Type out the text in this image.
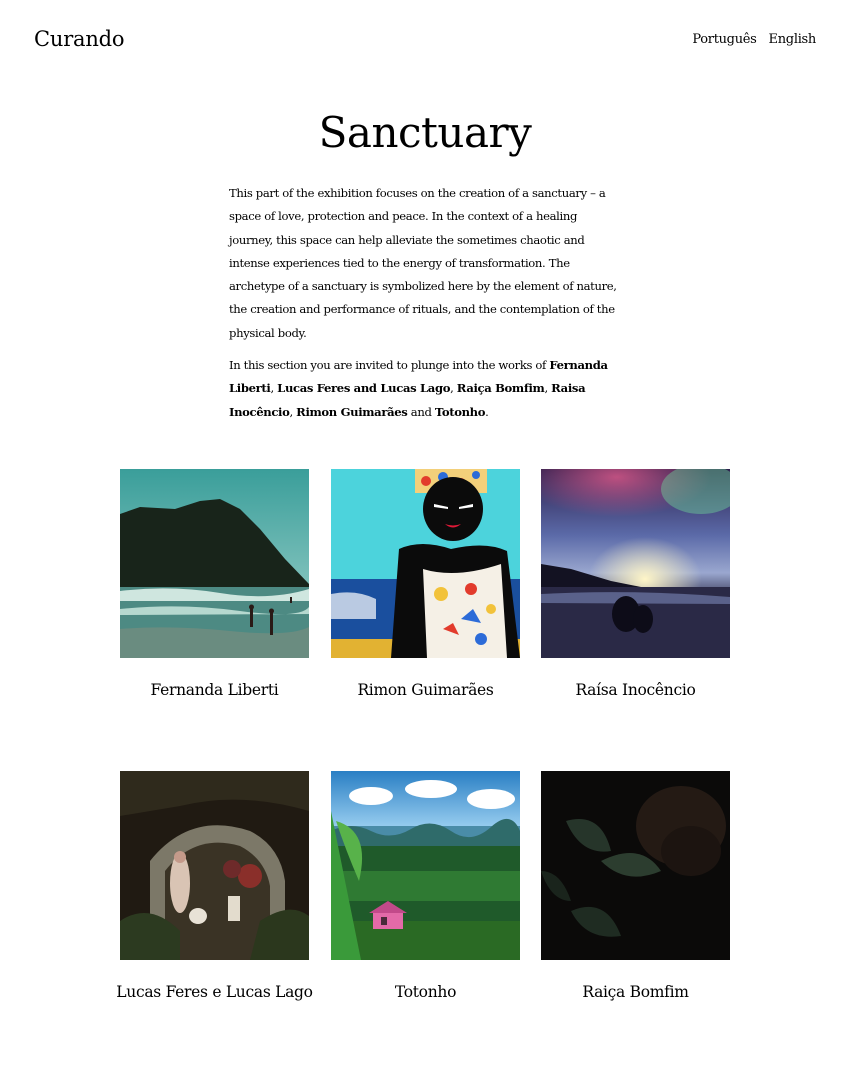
Curando	Português English
Sanctuary

This part of the exhibition focuses on the creation of a sanctuary – a space of love, protection and peace. In the context of a healing journey, this space can help alleviate the sometimes chaotic and intense experiences tied to the energy of transformation. The archetype of a sanctuary is symbolized here by the element of nature, the creation and performance of rituals, and the contemplation of the physical body.

In this section you are invited to plunge into the works of Fernanda Liberti, Lucas Feres and Lucas Lago, Raiça Bomfim, Raisa Inocêncio, Rimon Guimarães and Totonho.

Fernanda Liberti	Rimon Guimarães	Raísa Inocêncio
Lucas Feres e Lucas Lago	Totonho	Raiça Bomfim
